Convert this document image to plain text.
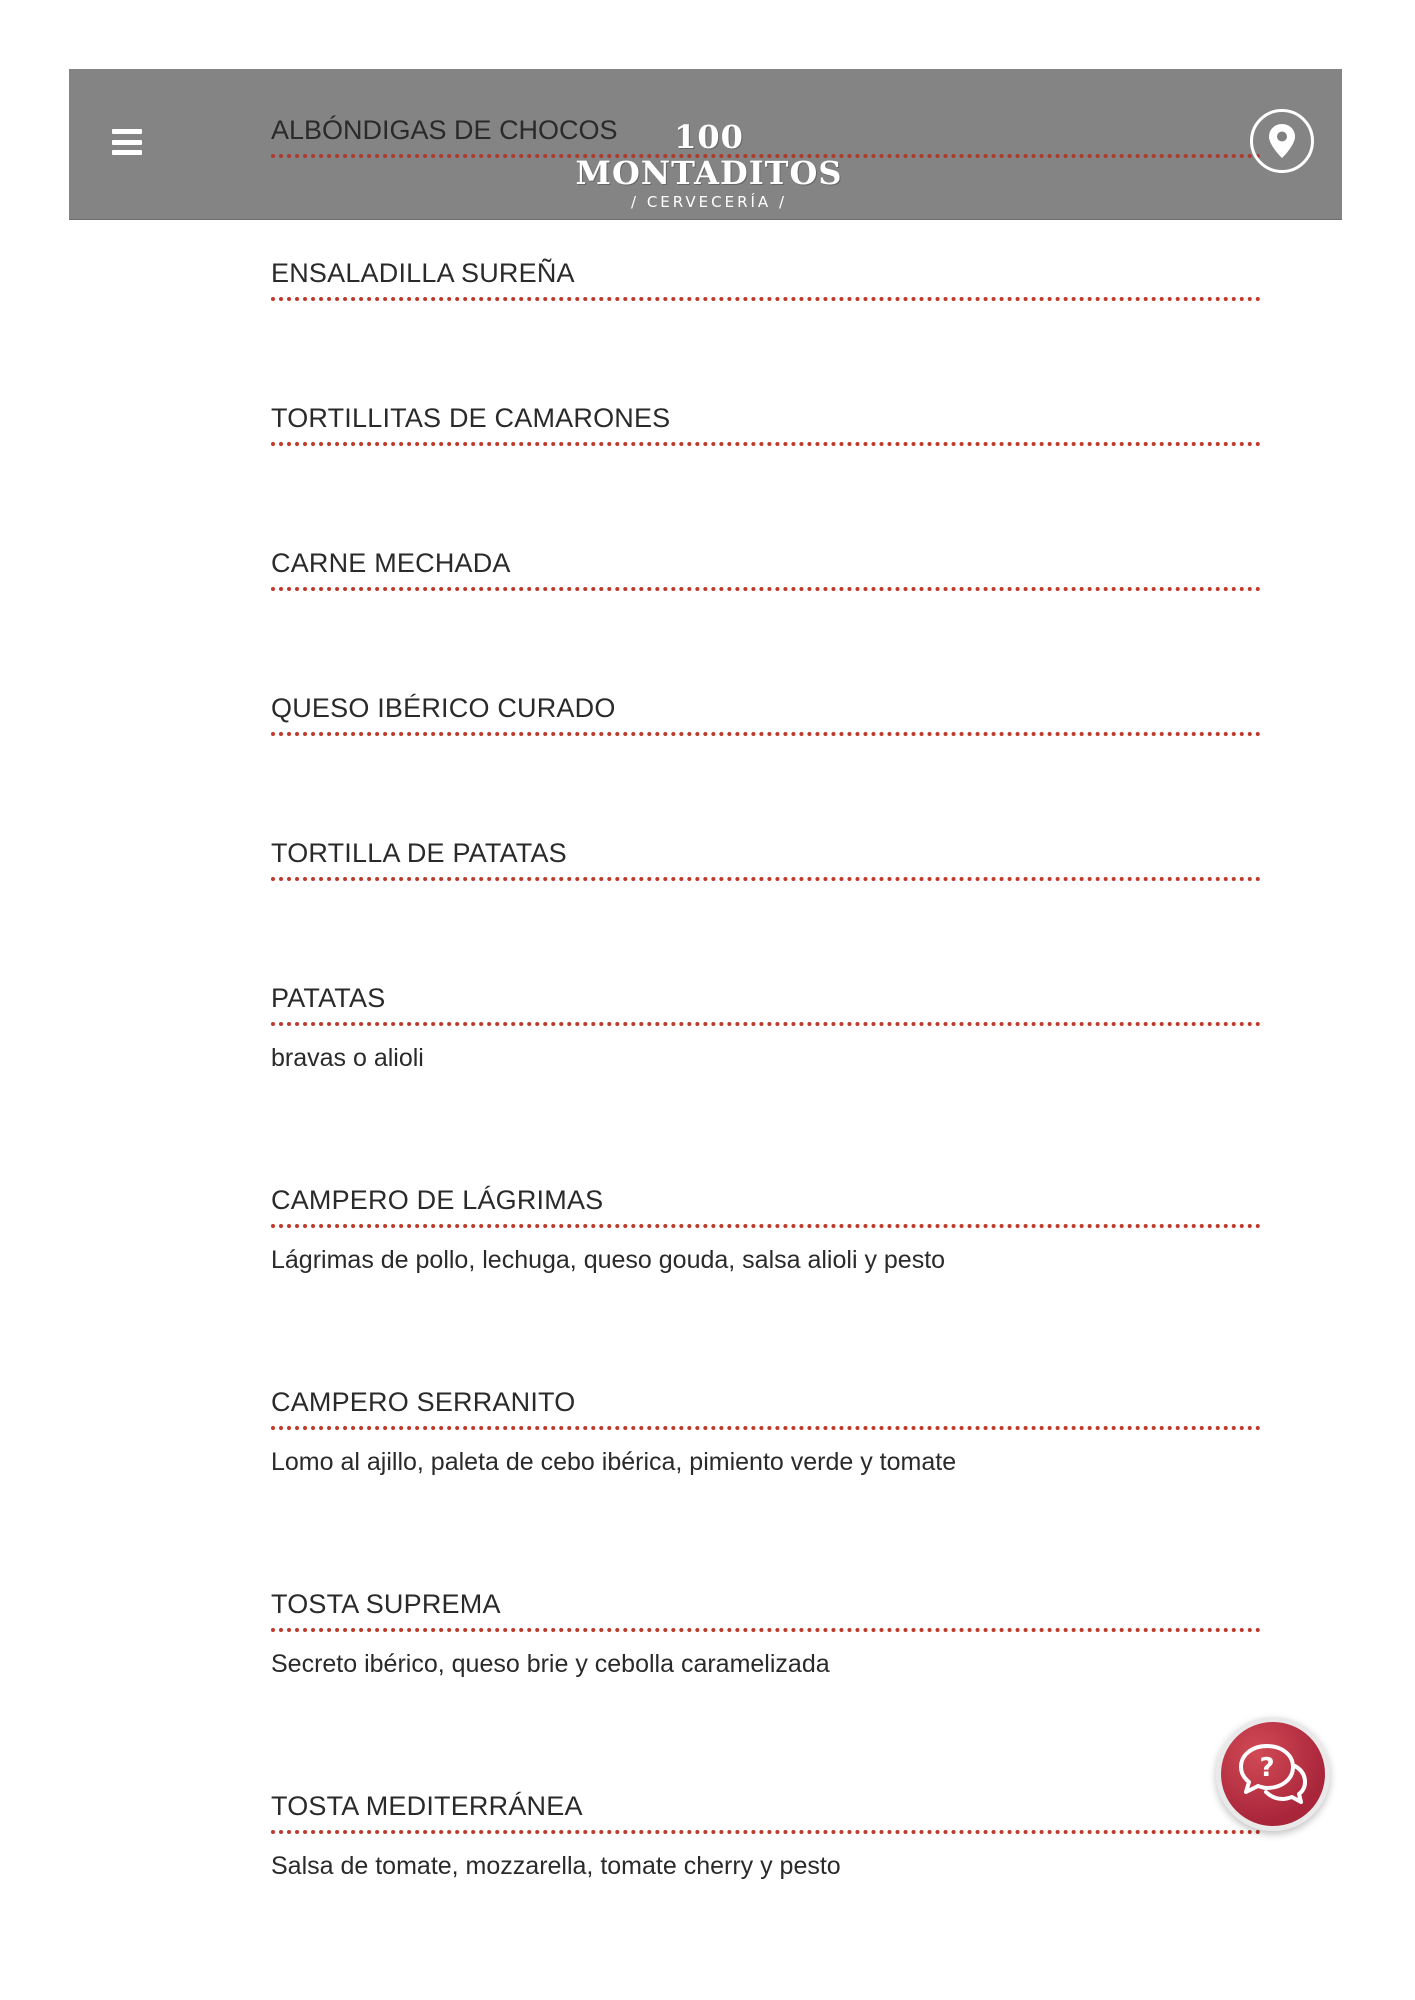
ENSALADILLA SUREÑA
TORTILLITAS DE CAMARONES
CARNE MECHADA
QUESO IBÉRICO CURADO
TORTILLA DE PATATAS
PATATAS
bravas o alioli
CAMPERO DE LÁGRIMAS
Lágrimas de pollo, lechuga, queso gouda, salsa alioli y pesto
CAMPERO SERRANITO
Lomo al ajillo, paleta de cebo ibérica, pimiento verde y tomate
TOSTA SUPREMA
Secreto ibérico, queso brie y cebolla caramelizada
TOSTA MEDITERRÁNEA
Salsa de tomate, mozzarella, tomate cherry y pesto
ALBÓNDIGAS DE CHOCOS	100 MONTADITOS
/ CERVECERÍA /
?
